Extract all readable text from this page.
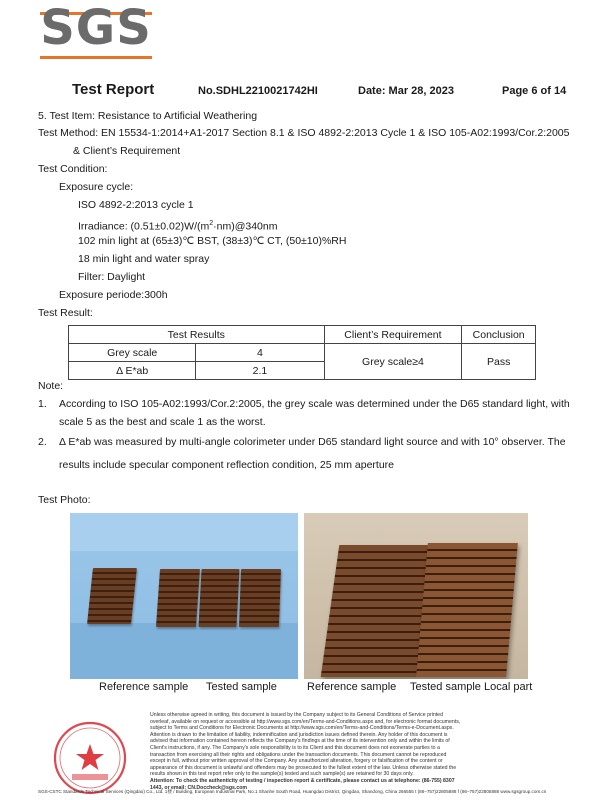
SGS
Test Report	No.SDHL2210021742HI	Date: Mar 28, 2023	Page 6 of 14
5. Test Item: Resistance to Artificial Weathering
Test Method: EN 15534-1:2014+A1-2017 Section 8.1 & ISO 4892-2:2013 Cycle 1 & ISO 105-A02:1993/Cor.2:2005
& Client’s Requirement
Test Condition:
Exposure cycle:
ISO 4892-2:2013 cycle 1
Irradiance: $(0.51\pm 0.02)W/(m^2\cdot nm)@340nm$
102 min light at (65±3)℃ BST, (38±3)℃ CT, (50±10)%RH
18 min light and water spray
Filter: Daylight
Exposure periode:300h
Test Result:
Test Results		Client’s Requirement	Conclusion
Grey scale	4	Grey scale≥4	Pass
Δ E*ab	2.1		
Note:
1. According to ISO 105-A02:1993/Cor.2:2005, the grey scale was determined under the D65 standard light, with
scale 5 as the best and scale 1 as the worst.
2. Δ E*ab was measured by multi-angle colorimeter under D65 standard light source and with 10° observer. The
results include specular component reflection condition, 25 mm aperture
Test Photo:
Reference sample Tested sample	Reference sample Tested sample Local part
Unless otherwise agreed in writing, this document is issued by the Company subject to its General Conditions of Service printed
overleaf, available on request or accessible at http://www.sgs.com/en/Terms-and-Conditions.aspx and, for electronic format documents,
subject to Terms and Conditions for Electronic Documents at http://www.sgs.com/en/Terms-and-Conditions/Terms-e-Document.aspx.
Attention is drawn to the limitation of liability, indemnification and jurisdiction issues defined therein. Any holder of this document is
advised that information contained hereon reflects the Company's findings at the time of its intervention only and within the limits of
Client's instructions, if any. The Company's sole responsibility is to its Client and this document does not exonerate parties to a
transaction from exercising all their rights and obligations under the transaction documents. This document cannot be reproduced
except in full, without prior written approval of the Company. Any unauthorized alteration, forgery or falsification of the content or
appearance of this document is unlawful and offenders may be prosecuted to the fullest extent of the law. Unless otherwise stated the
results shown in this test report refer only to the sample(s) tested and such sample(s) are retained for 30 days only.
Attention: To check the authenticity of testing / inspection report & certificate, please contact us at telephone: (86-755) 8307
1443, or email: CN.Doccheck@sgs.com
SGS-CSTC Standards Technical Services (Qingdao) Co., Ltd. 1楼 / Building, European Industrial Park, No.1 Shanhe South Road, Huangdao District, Qingdao, Shandong, China 266555 t (86–757)22805888 f (86–757)22805888 www.sgsgroup.com.cn
